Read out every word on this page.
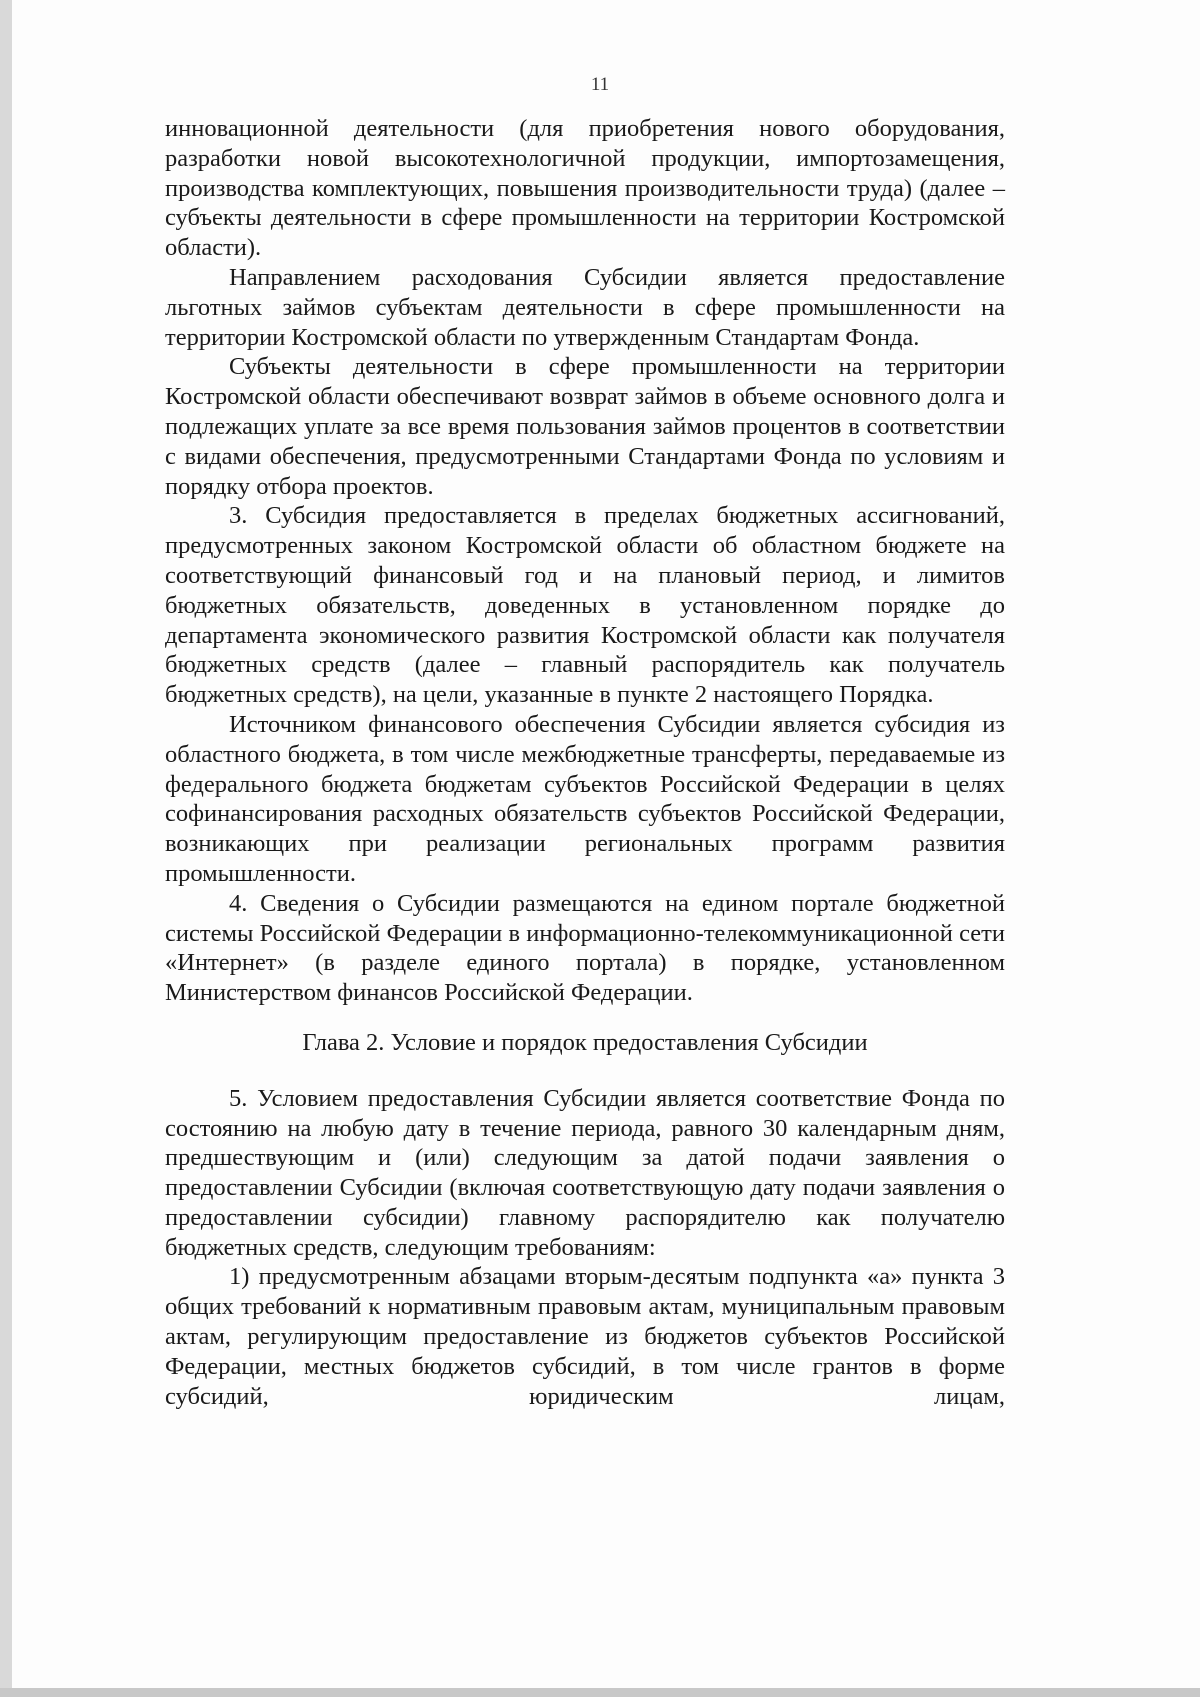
11

инновационной деятельности (для приобретения нового оборудования, разработки новой высокотехнологичной продукции, импортозамещения, производства комплектующих, повышения производительности труда) (далее – субъекты деятельности в сфере промышленности на территории Костромской области).

Направлением расходования Субсидии является предоставление льготных займов субъектам деятельности в сфере промышленности на территории Костромской области по утвержденным Стандартам Фонда.

Субъекты деятельности в сфере промышленности на территории Костромской области обеспечивают возврат займов в объеме основного долга и подлежащих уплате за все время пользования займов процентов в соответствии с видами обеспечения, предусмотренными Стандартами Фонда по условиям и порядку отбора проектов.

3. Субсидия предоставляется в пределах бюджетных ассигнований, предусмотренных законом Костромской области об областном бюджете на соответствующий финансовый год и на плановый период, и лимитов бюджетных обязательств, доведенных в установленном порядке до департамента экономического развития Костромской области как получателя бюджетных средств (далее – главный распорядитель как получатель бюджетных средств), на цели, указанные в пункте 2 настоящего Порядка.

Источником финансового обеспечения Субсидии является субсидия из областного бюджета, в том числе межбюджетные трансферты, передаваемые из федерального бюджета бюджетам субъектов Российской Федерации в целях софинансирования расходных обязательств субъектов Российской Федерации, возникающих при реализации региональных программ развития промышленности.

4. Сведения о Субсидии размещаются на едином портале бюджетной системы Российской Федерации в информационно-телекоммуникационной сети «Интернет» (в разделе единого портала) в порядке, установленном Министерством финансов Российской Федерации.

Глава 2. Условие и порядок предоставления Субсидии

5. Условием предоставления Субсидии является соответствие Фонда по состоянию на любую дату в течение периода, равного 30 календарным дням, предшествующим и (или) следующим за датой подачи заявления о предоставлении Субсидии (включая соответствующую дату подачи заявления о предоставлении субсидии) главному распорядителю как получателю бюджетных средств, следующим требованиям:

1) предусмотренным абзацами вторым-десятым подпункта «а» пункта 3 общих требований к нормативным правовым актам, муниципальным правовым актам, регулирующим предоставление из бюджетов субъектов Российской Федерации, местных бюджетов субсидий, в том числе грантов в форме субсидий, юридическим лицам,
